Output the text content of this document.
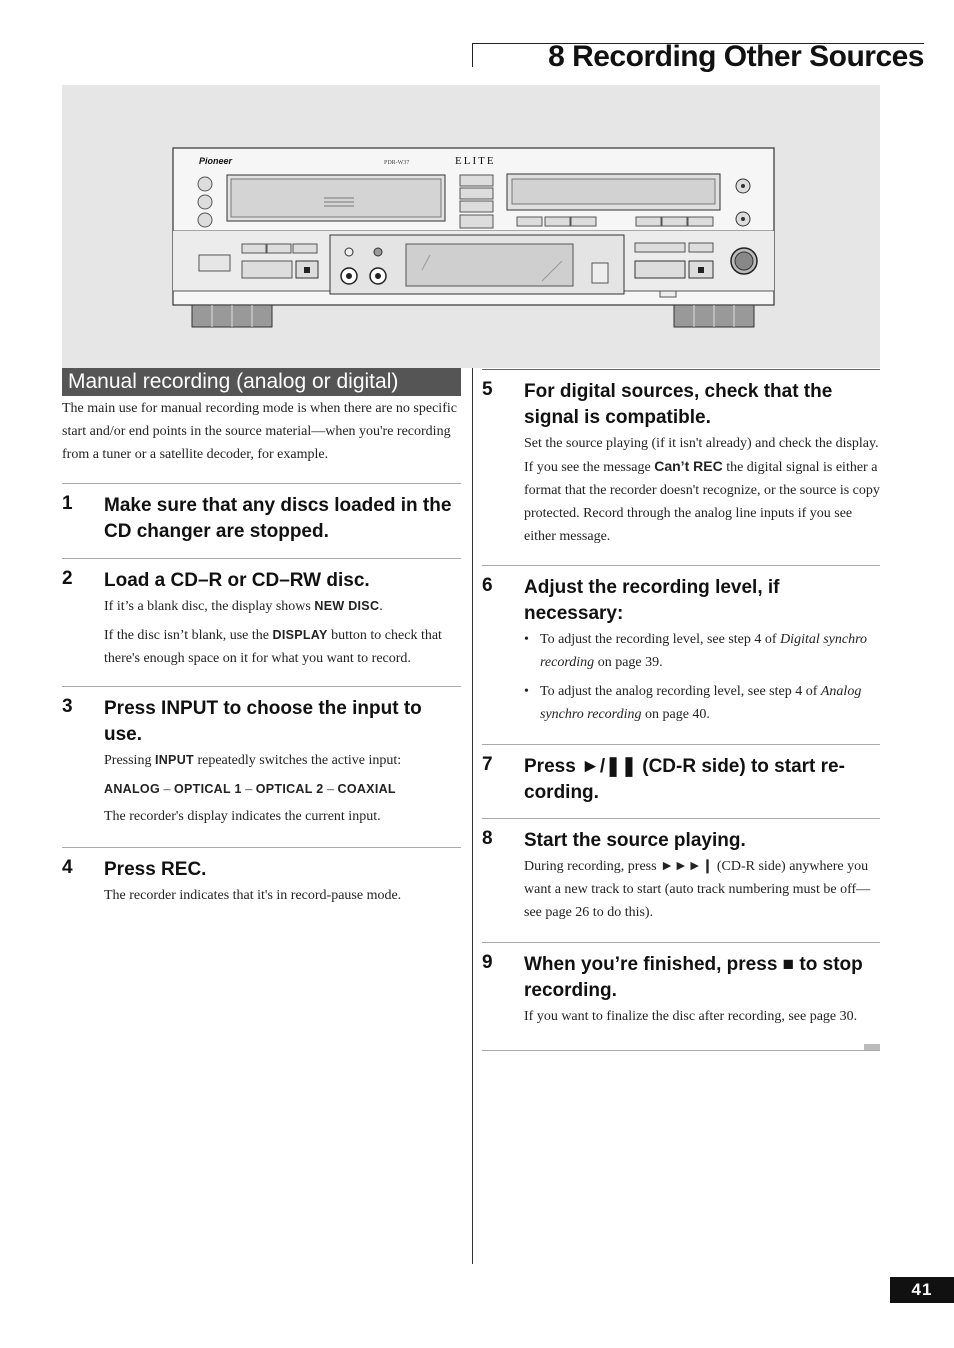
8 Recording Other Sources
Pioneer	PDR-W37	ELITE
Manual recording (analog or digital)
The main use for manual recording mode is when there are no specific start and/or end points in the source material—when you're recording from a tuner or a satellite decoder, for example.
1 Make sure that any discs loaded in the CD changer are stopped.
2 Load a CD–R or CD–RW disc.
If it’s a blank disc, the display shows NEW DISC.
If the disc isn’t blank, use the DISPLAY button to check that there's enough space on it for what you want to record.
3 Press INPUT to choose the input to use.
Pressing INPUT repeatedly switches the active input:
ANALOG – OPTICAL 1 – OPTICAL 2 – COAXIAL
The recorder's display indicates the current input.
4 Press REC.
The recorder indicates that it's in record-pause mode.
5 For digital sources, check that the signal is compatible.
Set the source playing (if it isn't already) and check the display. If you see the message Can’t REC the digital signal is either a format that the recorder doesn't recognize, or the source is copy protected. Record through the analog line inputs if you see either message.
6 Adjust the recording level, if necessary:
• To adjust the recording level, see step 4 of Digital synchro recording on page 39.
• To adjust the analog recording level, see step 4 of Analog synchro recording on page 40.
7 Press ►/❚❚ (CD-R side) to start re-cording.
8 Start the source playing.
During recording, press ►►►❙ (CD-R side) anywhere you want a new track to start (auto track numbering must be off—see page 26 to do this).
9 When you’re finished, press ■ to stop recording.
If you want to finalize the disc after recording, see page 30.
41
